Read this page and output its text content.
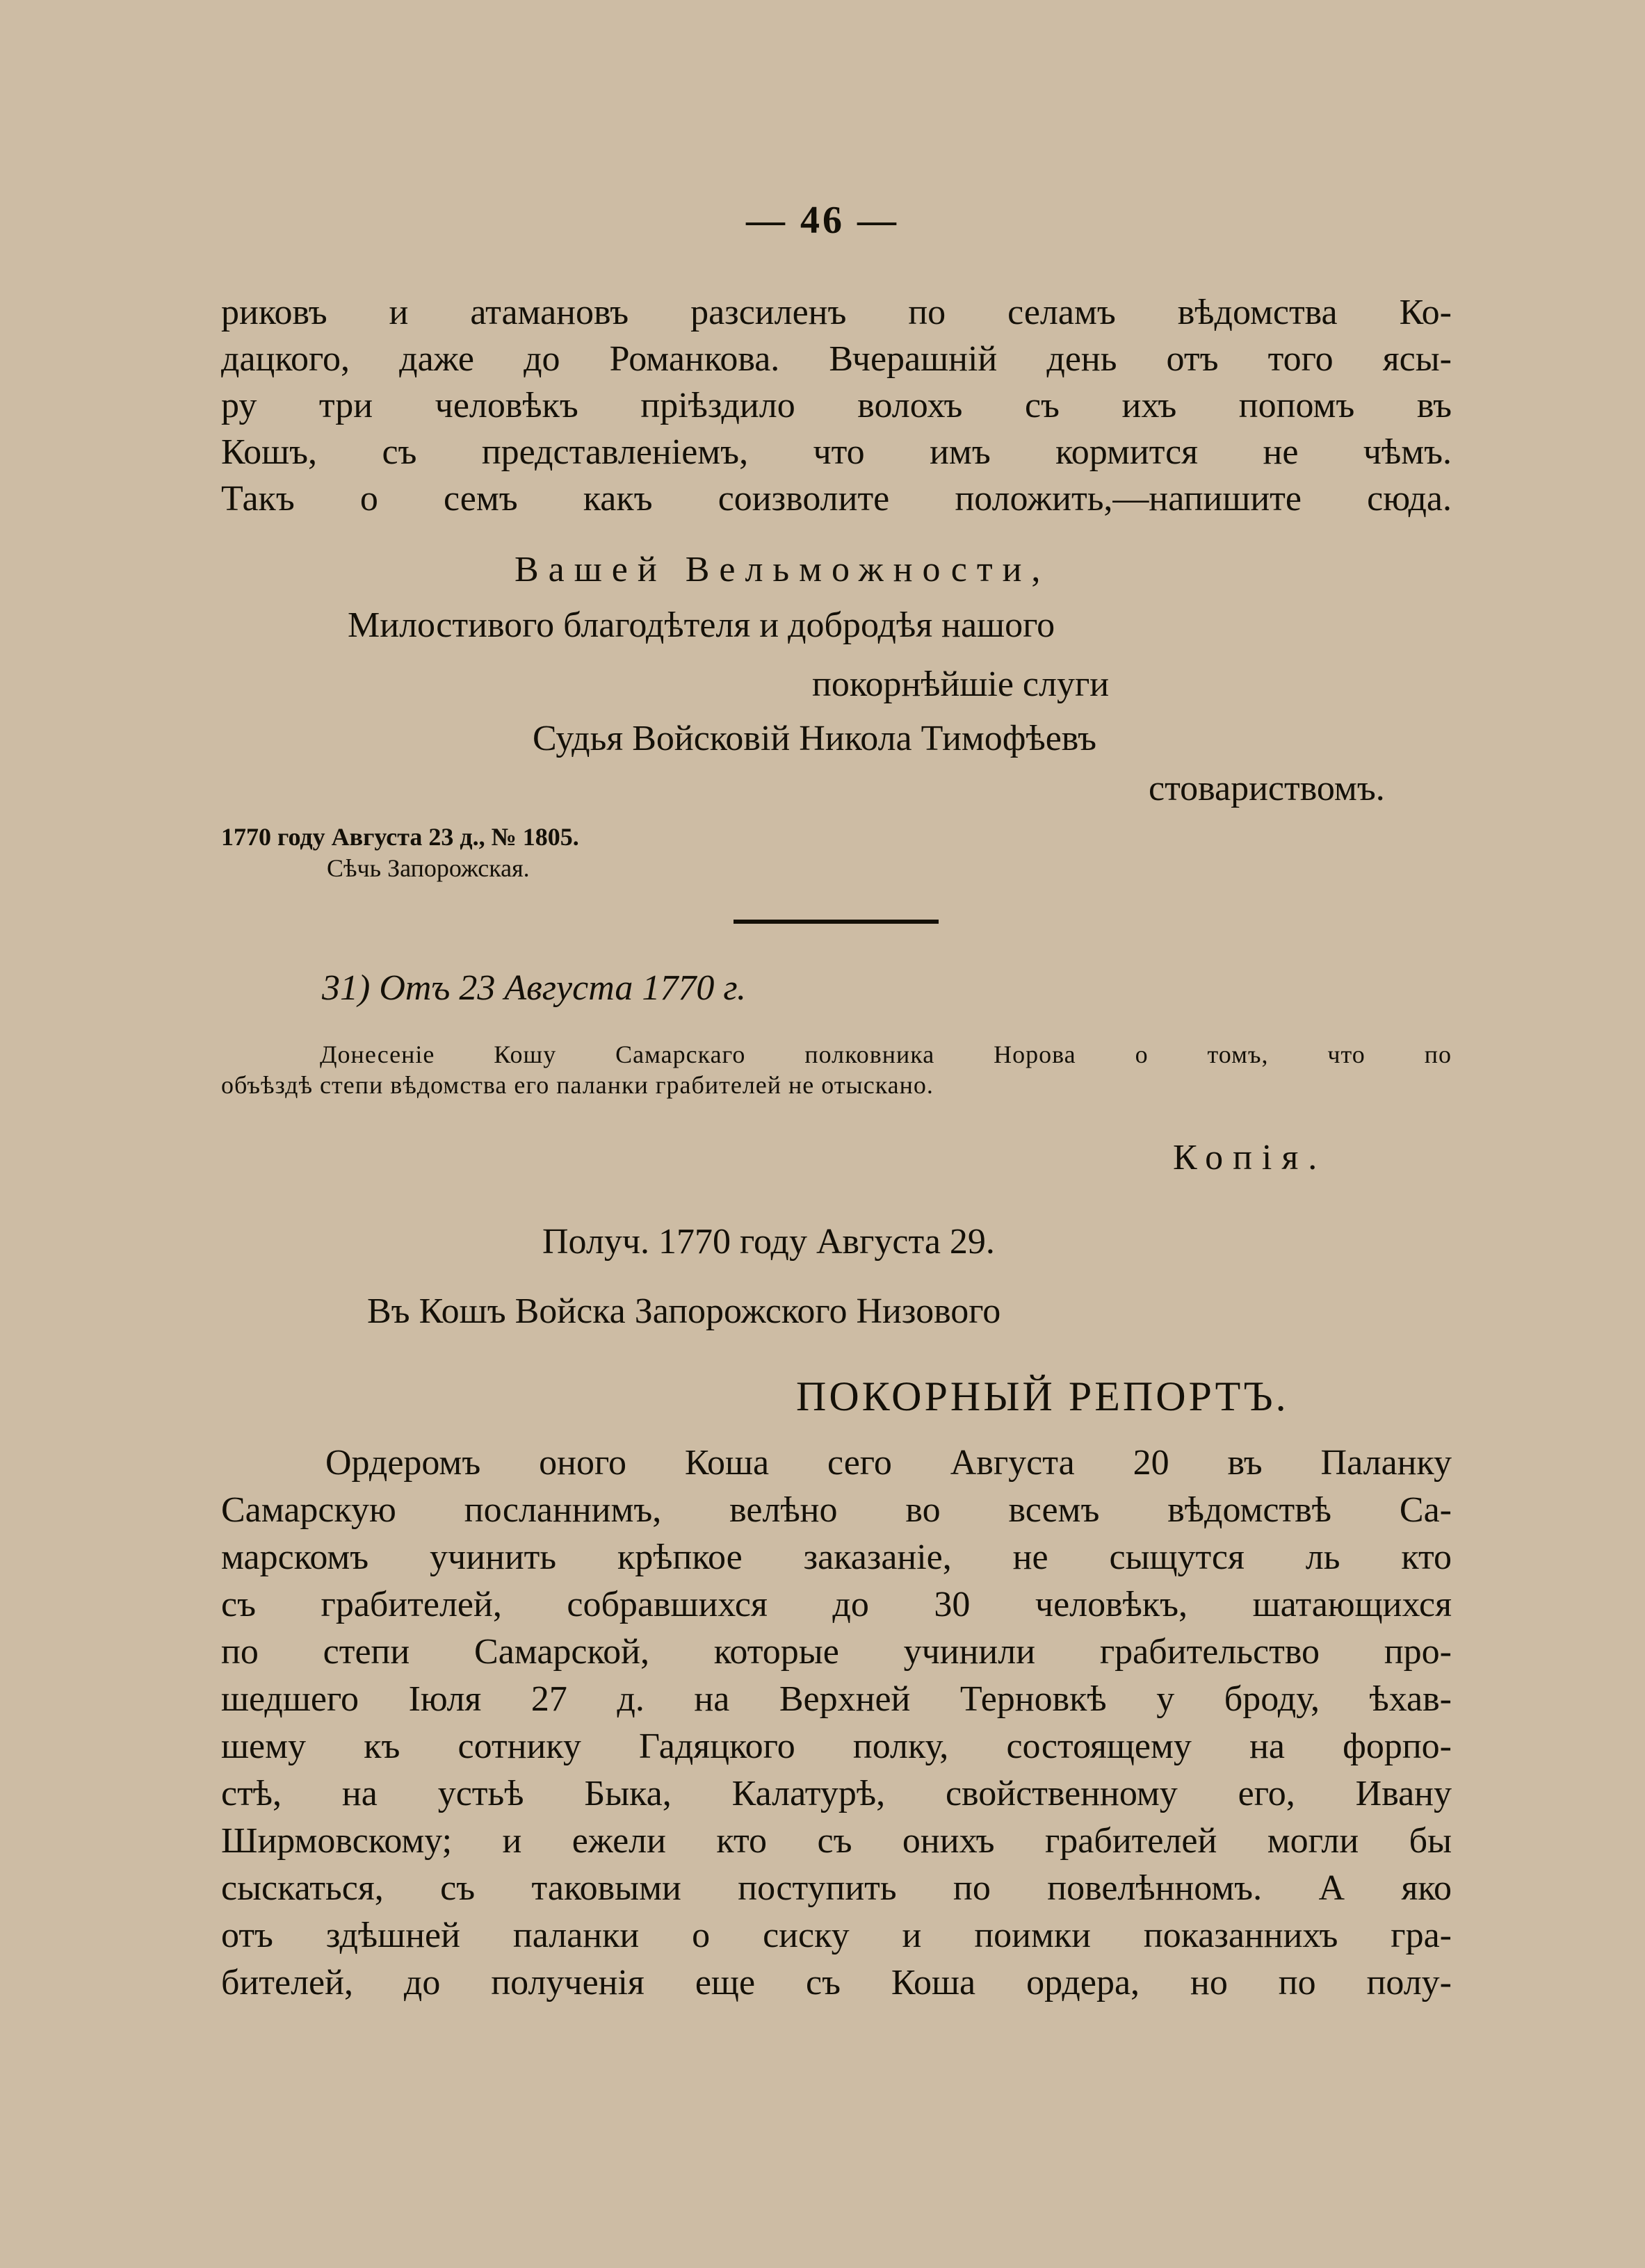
— 46 —
риковъ и атамановъ разсиленъ по селамъ вѣдомства Ко-
дацкого, даже до Романкова. Вчерашній день отъ того ясы-
ру три человѣкъ пріѣздило волохъ съ ихъ попомъ въ
Кошъ, съ представленіемъ, что имъ кормится не чѣмъ.
Такъ о семъ какъ соизволите положить,—напишите сюда.
Вашей Вельможности,
Милостивого благодѣтеля и добродѣя нашого
покорнѣйшіе слуги
Судья Войсковій Никола Тимофѣевъ
стовариствомъ.
1770 году Августа 23 д., № 1805.
Сѣчь Запорожская.
31) Отъ 23 Августа 1770 г.
Донесеніе Кошу Самарскаго полковника Норова о томъ, что по
объѣздѣ степи вѣдомства его паланки грабителей не отыскано.
Копія.
Получ. 1770 году Августа 29.
Въ Кошъ Войска Запорожского Низового
ПОКОРНЫЙ РЕПОРТЪ.
Ордеромъ оного Коша сего Августа 20 въ Паланку
Самарскую посланнимъ, велѣно во всемъ вѣдомствѣ Са-
марскомъ учинить крѣпкое заказаніе, не сыщутся ль кто
съ грабителей, собравшихся до 30 человѣкъ, шатающихся
по степи Самарской, которые учинили грабительство про-
шедшего Іюля 27 д. на Верхней Терновкѣ у броду, ѣхав-
шему къ сотнику Гадяцкого полку, состоящему на форпо-
стѣ, на устьѣ Быка, Калатурѣ, свойственному его, Ивану
Ширмовскому; и ежели кто съ онихъ грабителей могли бы
сыскаться, съ таковыми поступить по повелѣнномъ. А яко
отъ здѣшней паланки о сиску и поимки показаннихъ гра-
бителей, до полученія еще съ Коша ордера, но по полу-
